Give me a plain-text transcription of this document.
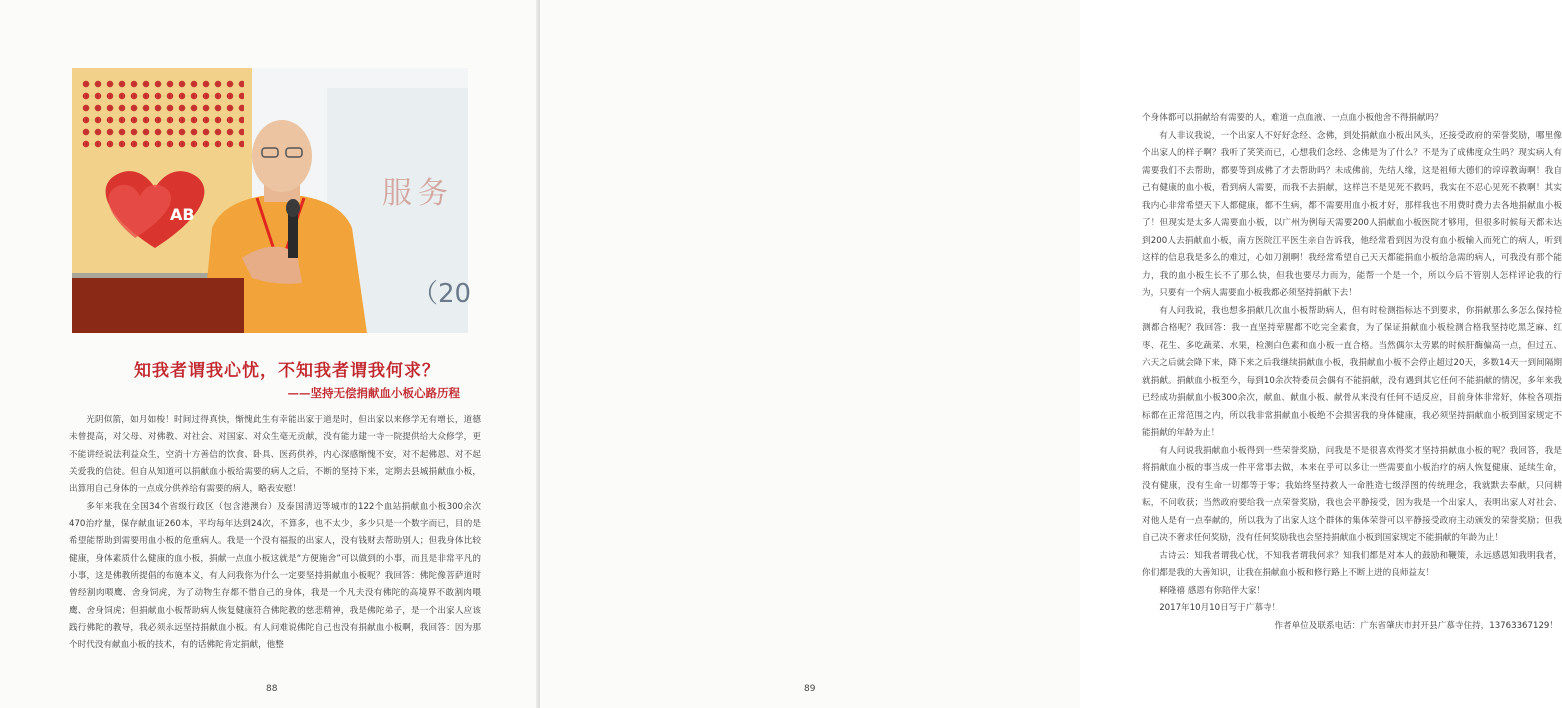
AB
服务
（20
知我者谓我心忧，不知我者谓我何求？
——坚持无偿捐献血小板心路历程

光阴似箭，如月如梭！时间过得真快，惭愧此生有幸能出家于道是时，但出家以来修学无有增长，道德未曾提高，对父母、对佛教、对社会、对国家、对众生毫无贡献，没有能力建一寺一院提供给大众修学，更不能讲经说法利益众生，空消十方善信的饮食、卧具、医药供养，内心深感惭愧不安，对不起佛恩、对不起关爱我的信徒。但自从知道可以捐献血小板给需要的病人之后，不断的坚持下来，定期去县城捐献血小板，出算用自己身体的一点成分供养给有需要的病人，略表安慰！

多年来我在全国34个省级行政区（包含港澳台）及泰国清迈等城市的122个血站捐献血小板300余次470治疗量，保存献血证260本，平均每年达到24次，不算多，也不太少，多少只是一个数字而已，目的是希望能帮助到需要用血小板的危重病人。我是一个没有福报的出家人，没有钱财去帮助别人；但我身体比较健康，身体素质什么健康的血小板，捐献一点血小板这就是“方便施舍”可以做到的小事，而且是非常平凡的小事，这是佛教所提倡的布施本义，有人问我你为什么一定要坚持捐献血小板呢？我回答：佛陀像菩萨道时曾经割肉喂鹰、舍身饲虎，为了动物生存都不惜自己的身体，我是一个凡夫没有佛陀的高境界不敢割肉喂鹰、舍身饲虎；但捐献血小板帮助病人恢复健康符合佛陀教的慈悲精神，我是佛陀弟子，是一个出家人应该践行佛陀的教导，我必须永远坚持捐献血小板。有人问难说佛陀自己也没有捐献血小板啊，我回答：因为那个时代没有献血小板的技术，有的话佛陀肯定捐献，他整

88

个身体都可以捐献给有需要的人，难道一点血液、一点血小板他舍不得捐献吗？

有人非议我说，一个出家人不好好念经、念佛，到处捐献血小板出风头，还接受政府的荣誉奖励，哪里像个出家人的样子啊？我听了笑笑而已，心想我们念经、念佛是为了什么？不是为了成佛度众生吗？现实病人有需要我们不去帮助，都要等到成佛了才去帮助吗？未成佛前，先结人缘，这是祖师大德们的谆谆教诲啊！我自己有健康的血小板，看到病人需要，而我不去捐献，这样岂不是见死不救吗，我实在不忍心见死不救啊！其实我内心非常希望天下人都健康，都不生病，都不需要用血小板才好，那样我也不用费时费力去各地捐献血小板了！但现实是太多人需要血小板，以广州为例每天需要200人捐献血小板医院才够用，但很多时候每天都未达到200人去捐献血小板，南方医院江平医生亲自告诉我，他经常看到因为没有血小板输入而死亡的病人，听到这样的信息我是多么的难过，心如刀割啊！我经常希望自己天天都能捐血小板给急需的病人，可我没有那个能力，我的血小板生长不了那么快，但我也要尽力而为，能帮一个是一个，所以今后不管别人怎样评论我的行为，只要有一个病人需要血小板我都必须坚持捐献下去！

有人问我说，我也想多捐献几次血小板帮助病人，但有时检测指标达不到要求，你捐献那么多怎么保持检测都合格呢？我回答：我一直坚持荤腥都不吃完全素食，为了保证捐献血小板检测合格我坚持吃黑芝麻、红枣、花生、多吃蔬菜、水果，检测白色素和血小板一直合格。当然偶尔太劳累的时候肝酶偏高一点，但过五、六天之后就会降下来，降下来之后我继续捐献血小板，我捐献血小板不会停止超过20天，多数14天一到间隔期就捐献。捐献血小板至今，每到10余次特委员会偶有不能捐献，没有遇到其它任何不能捐献的情况，多年来我已经成功捐献血小板300余次，献血、献血小板、献骨从来没有任何不适反应，目前身体非常好，体检各项指标都在正常范围之内，所以我非常捐献血小板绝不会损害我的身体健康，我必须坚持捐献血小板到国家规定不能捐献的年龄为止！

有人问说我捐献血小板得到一些荣誉奖励，问我是不是很喜欢得奖才坚持捐献血小板的呢？我回答，我是将捐献血小板的事当成一件平常事去做，本来在乎可以多让一些需要血小板治疗的病人恢复健康、延续生命，没有健康，没有生命一切都等于零；我始终坚持救人一命胜造七级浮图的传统理念，我就默去奉献，只问耕耘，不问收获；当然政府要给我一点荣誉奖励，我也会平静接受，因为我是一个出家人，表明出家人对社会、对他人是有一点奉献的，所以我为了出家人这个群体的集体荣誉可以平静接受政府主动颁发的荣誉奖励；但我自己决不奢求任何奖励，没有任何奖励我也会坚持捐献血小板到国家规定不能捐献的年龄为止！

古诗云：知我者谓我心忧，不知我者谓我何求？知我们都是对本人的鼓励和鞭策，永远感恩知我明我者，你们都是我的大善知识，让我在捐献血小板和修行路上不断上进的良师益友！

释隆禧 感恩有你陪伴大家！

2017年10月10日写于广慕寺！

作者单位及联系电话：广东省肇庆市封开县广慕寺住持，13763367129！

89
